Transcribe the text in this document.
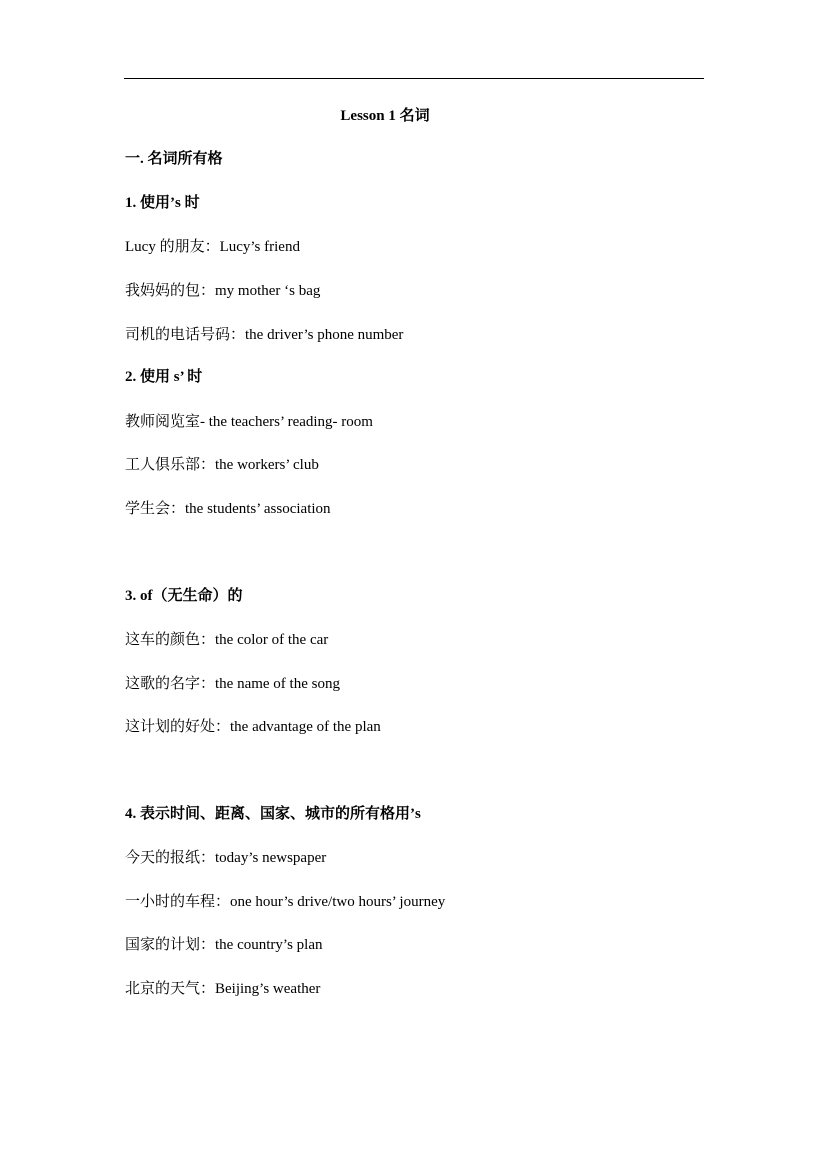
Lesson 1 名词
一. 名词所有格
1. 使用’s 时
Lucy 的朋友：Lucy’s friend
我妈妈的包：my mother ‘s bag
司机的电话号码：the driver’s phone number
2. 使用 s’ 时
教师阅览室- the teachers’ reading- room
工人俱乐部：the workers’ club
学生会：the students’ association
3. of（无生命）的
这车的颜色：the color of the car
这歌的名字：the name of the song
这计划的好处：the advantage of the plan
4. 表示时间、距离、国家、城市的所有格用’s
今天的报纸：today’s newspaper
一小时的车程：one hour’s drive/two hours’ journey
国家的计划：the country’s plan
北京的天气：Beijing’s weather
